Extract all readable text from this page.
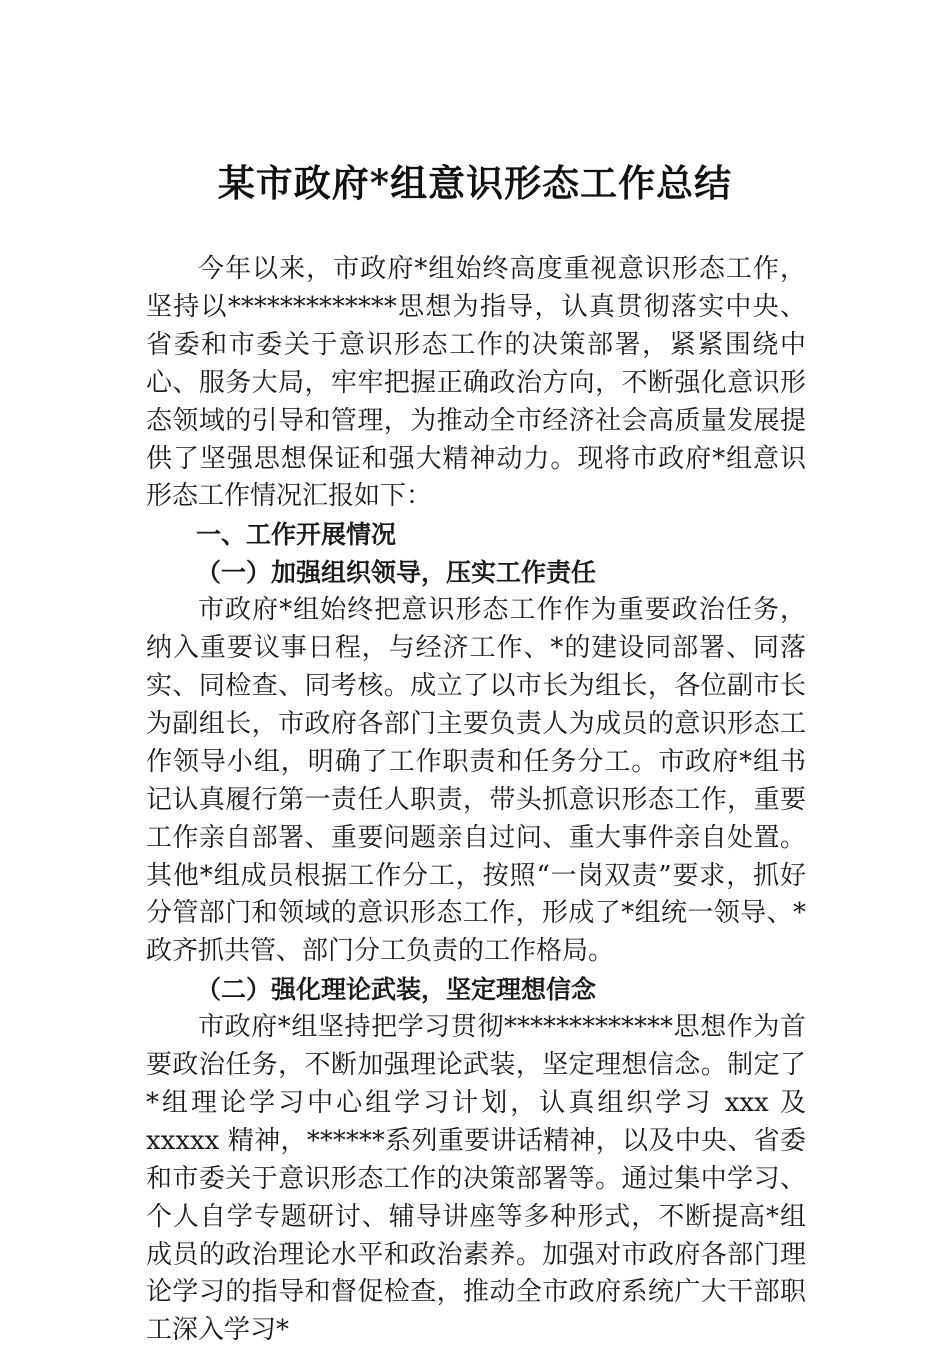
某市政府*组意识形态工作总结

今年以来，市政府*组始终高度重视意识形态工作，坚持以*************思想为指导，认真贯彻落实中央、省委和市委关于意识形态工作的决策部署，紧紧围绕中心、服务大局，牢牢把握正确政治方向，不断强化意识形态领域的引导和管理，为推动全市经济社会高质量发展提供了坚强思想保证和强大精神动力。现将市政府*组意识形态工作情况汇报如下：

一、工作开展情况

（一）加强组织领导，压实工作责任

市政府*组始终把意识形态工作作为重要政治任务，纳入重要议事日程，与经济工作、*的建设同部署、同落实、同检查、同考核。成立了以市长为组长，各位副市长为副组长，市政府各部门主要负责人为成员的意识形态工作领导小组，明确了工作职责和任务分工。市政府*组书记认真履行第一责任人职责，带头抓意识形态工作，重要工作亲自部署、重要问题亲自过问、重大事件亲自处置。其他*组成员根据工作分工，按照“一岗双责”要求，抓好分管部门和领域的意识形态工作，形成了*组统一领导、*政齐抓共管、部门分工负责的工作格局。

（二）强化理论武装，坚定理想信念

市政府*组坚持把学习贯彻*************思想作为首要政治任务，不断加强理论武装，坚定理想信念。制定了*组理论学习中心组学习计划，认真组织学习 xxx 及 xxxxx 精神，******系列重要讲话精神，以及中央、省委和市委关于意识形态工作的决策部署等。通过集中学习、个人自学专题研讨、辅导讲座等多种形式，不断提高*组成员的政治理论水平和政治素养。加强对市政府各部门理论学习的指导和督促检查，推动全市政府系统广大干部职工深入学习*
